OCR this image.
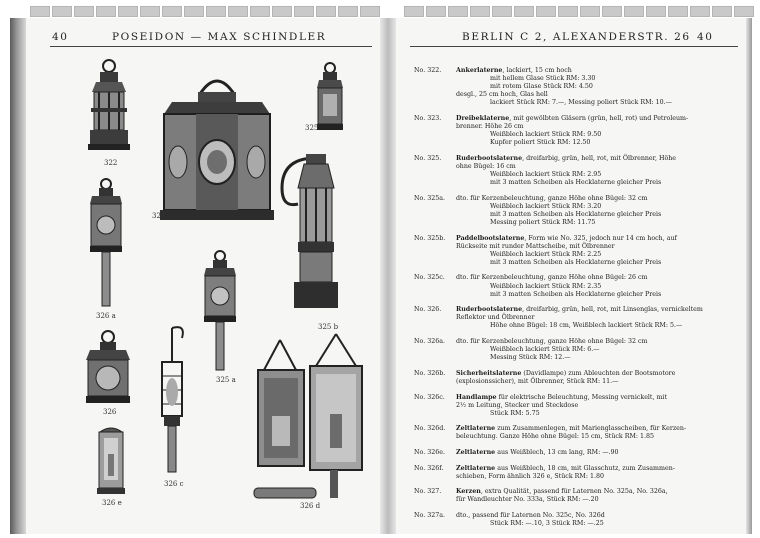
40	POSEIDON — MAX SCHINDLER	BERLIN C 2, ALEXANDERSTR. 26 40
322
323
325
325 b
326 a
325 a
326
326 c
326 e	326 d
No. 322.	Ankerlaterne, lackiert, 15 cm hoch
mit hellem Glase Stück RM: 3.30
mit rotem Glase Stück RM: 4.50
desgl., 25 cm hoch, Glas hell
lackiert Stück RM: 7.—, Messing poliert Stück RM: 10.—
No. 323.	Dreibeklaterne, mit gewölbten Gläsern (grün, hell, rot) und Petroleum-
brenner. Höhe 26 cm
Weißblech lackiert Stück RM: 9.50
Kupfer poliert Stück RM: 12.50
No. 325.	Ruderbootslaterne, dreifarbig, grün, hell, rot, mit Ölbrenner, Höhe
ohne Bügel: 16 cm
Weißblech lackiert Stück RM: 2.95
mit 3 matten Scheiben als Hecklaterne gleicher Preis
No. 325a.	dto. für Kerzenbeleuchtung, ganze Höhe ohne Bügel: 32 cm
Weißblech lackiert Stück RM: 3.20
mit 3 matten Scheiben als Hecklaterne gleicher Preis
Messing poliert Stück RM: 11.75
No. 325b.	Paddelbootslaterne, Form wie No. 325, jedoch nur 14 cm hoch, auf
Rückseite mit runder Mattscheibe, mit Ölbrenner
Weißblech lackiert Stück RM: 2.25
mit 3 matten Scheiben als Hecklaterne gleicher Preis
No. 325c.	dto. für Kerzenbeleuchtung, ganze Höhe ohne Bügel: 26 cm
Weißblech lackiert Stück RM: 2.35
mit 3 matten Scheiben als Hecklaterne gleicher Preis
No. 326.	Ruderbootslaterne, dreifarbig, grün, hell, rot, mit Linsenglas, vernickeltem
Reflektor und Ölbrenner
Höhe ohne Bügel: 18 cm, Weißblech lackiert Stück RM: 5.—
No. 326a.	dto. für Kerzenbeleuchtung, ganze Höhe ohne Bügel: 32 cm
Weißblech lackiert Stück RM: 6.—
Messing Stück RM: 12.—
No. 326b.	Sicherheitslaterne (Davidlampe) zum Ableuchten der Bootsmotore
(explosionssicher), mit Ölbrenner, Stück RM: 11.—
No. 326c.	Handlampe für elektrische Beleuchtung, Messing vernickelt, mit
2½ m Leitung, Stecker und Steckdose
Stück RM: 5.75
No. 326d.	Zeltlaterne zum Zusammenlegen, mit Marienglasscheiben, für Kerzen-
beleuchtung. Ganze Höhe ohne Bügel: 15 cm, Stück RM: 1.85
No. 326e.	Zeltlaterne aus Weißblech, 13 cm lang, RM: —.90
No. 326f.	Zeltlaterne aus Weißblech, 18 cm, mit Glasschutz, zum Zusammen-
schieben, Form ähnlich 326 e, Stück RM: 1.80
No. 327.	Kerzen, extra Qualität, passend für Laternen No. 325a, No. 326a,
für Wandleuchter No. 333a, Stück RM: —.20
No. 327a.	dto., passend für Laternen No. 325c, No. 326d
Stück RM: —.10, 3 Stück RM: —.25
